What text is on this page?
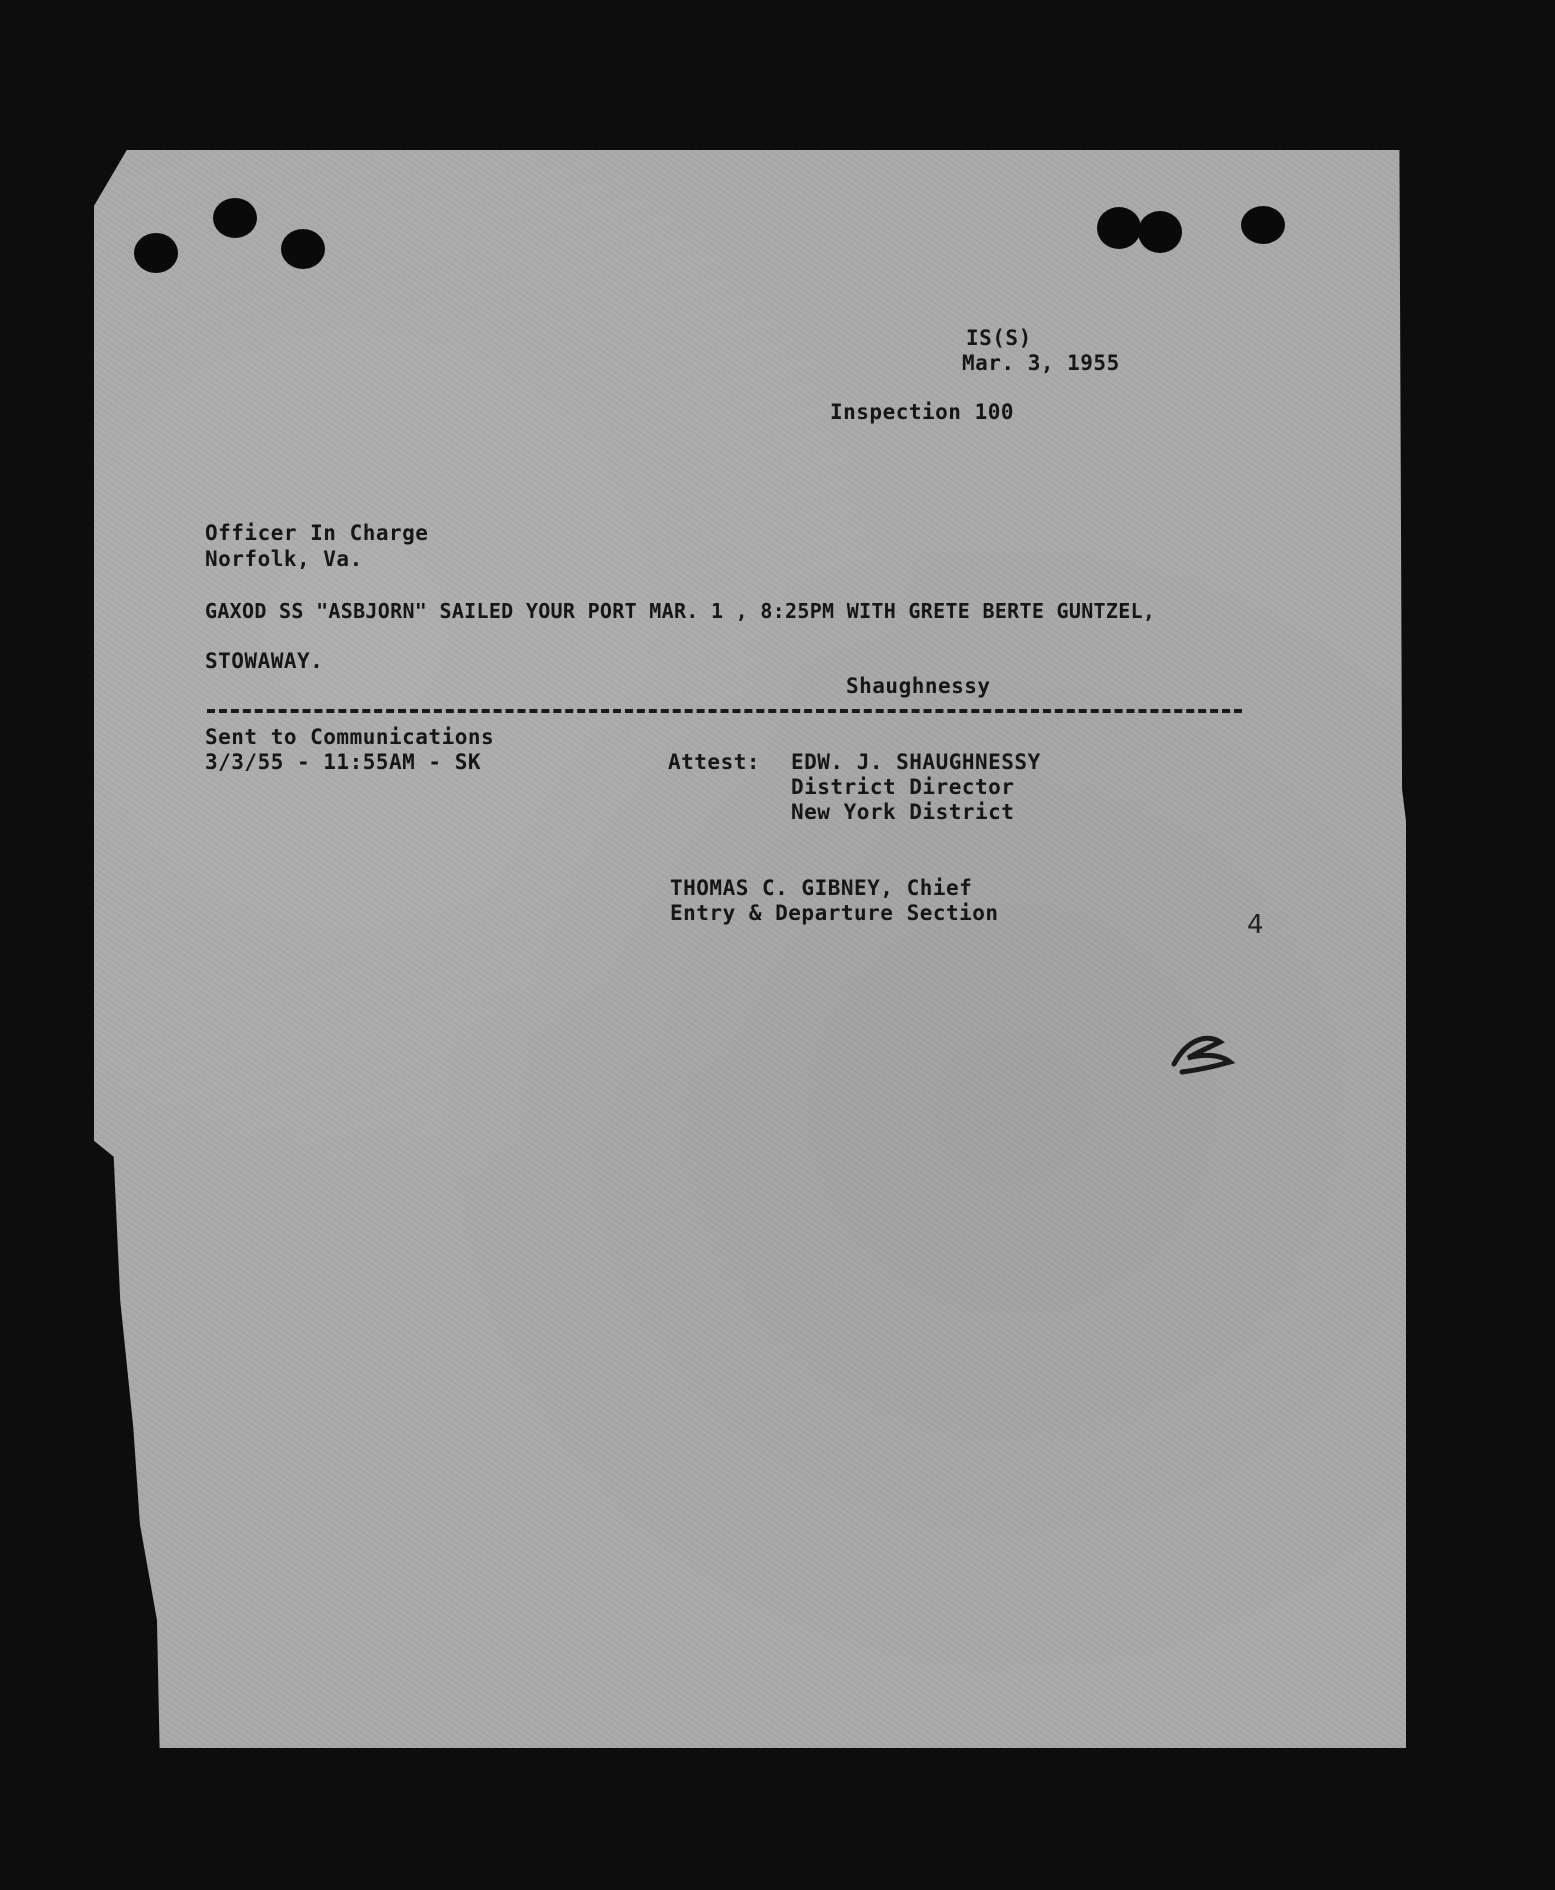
IS(S)
Mar. 3, 1955
Inspection 100
Officer In Charge
Norfolk, Va.
GAXOD SS "ASBJORN" SAILED YOUR PORT MAR. 1 , 8:25PM WITH GRETE BERTE GUNTZEL,
STOWAWAY.
Shaughnessy
Sent to Communications
3/3/55 - 11:55AM - SK	Attest: EDW. J. SHAUGHNESSY
District Director
New York District
THOMAS C. GIBNEY, Chief
Entry & Departure Section	4
